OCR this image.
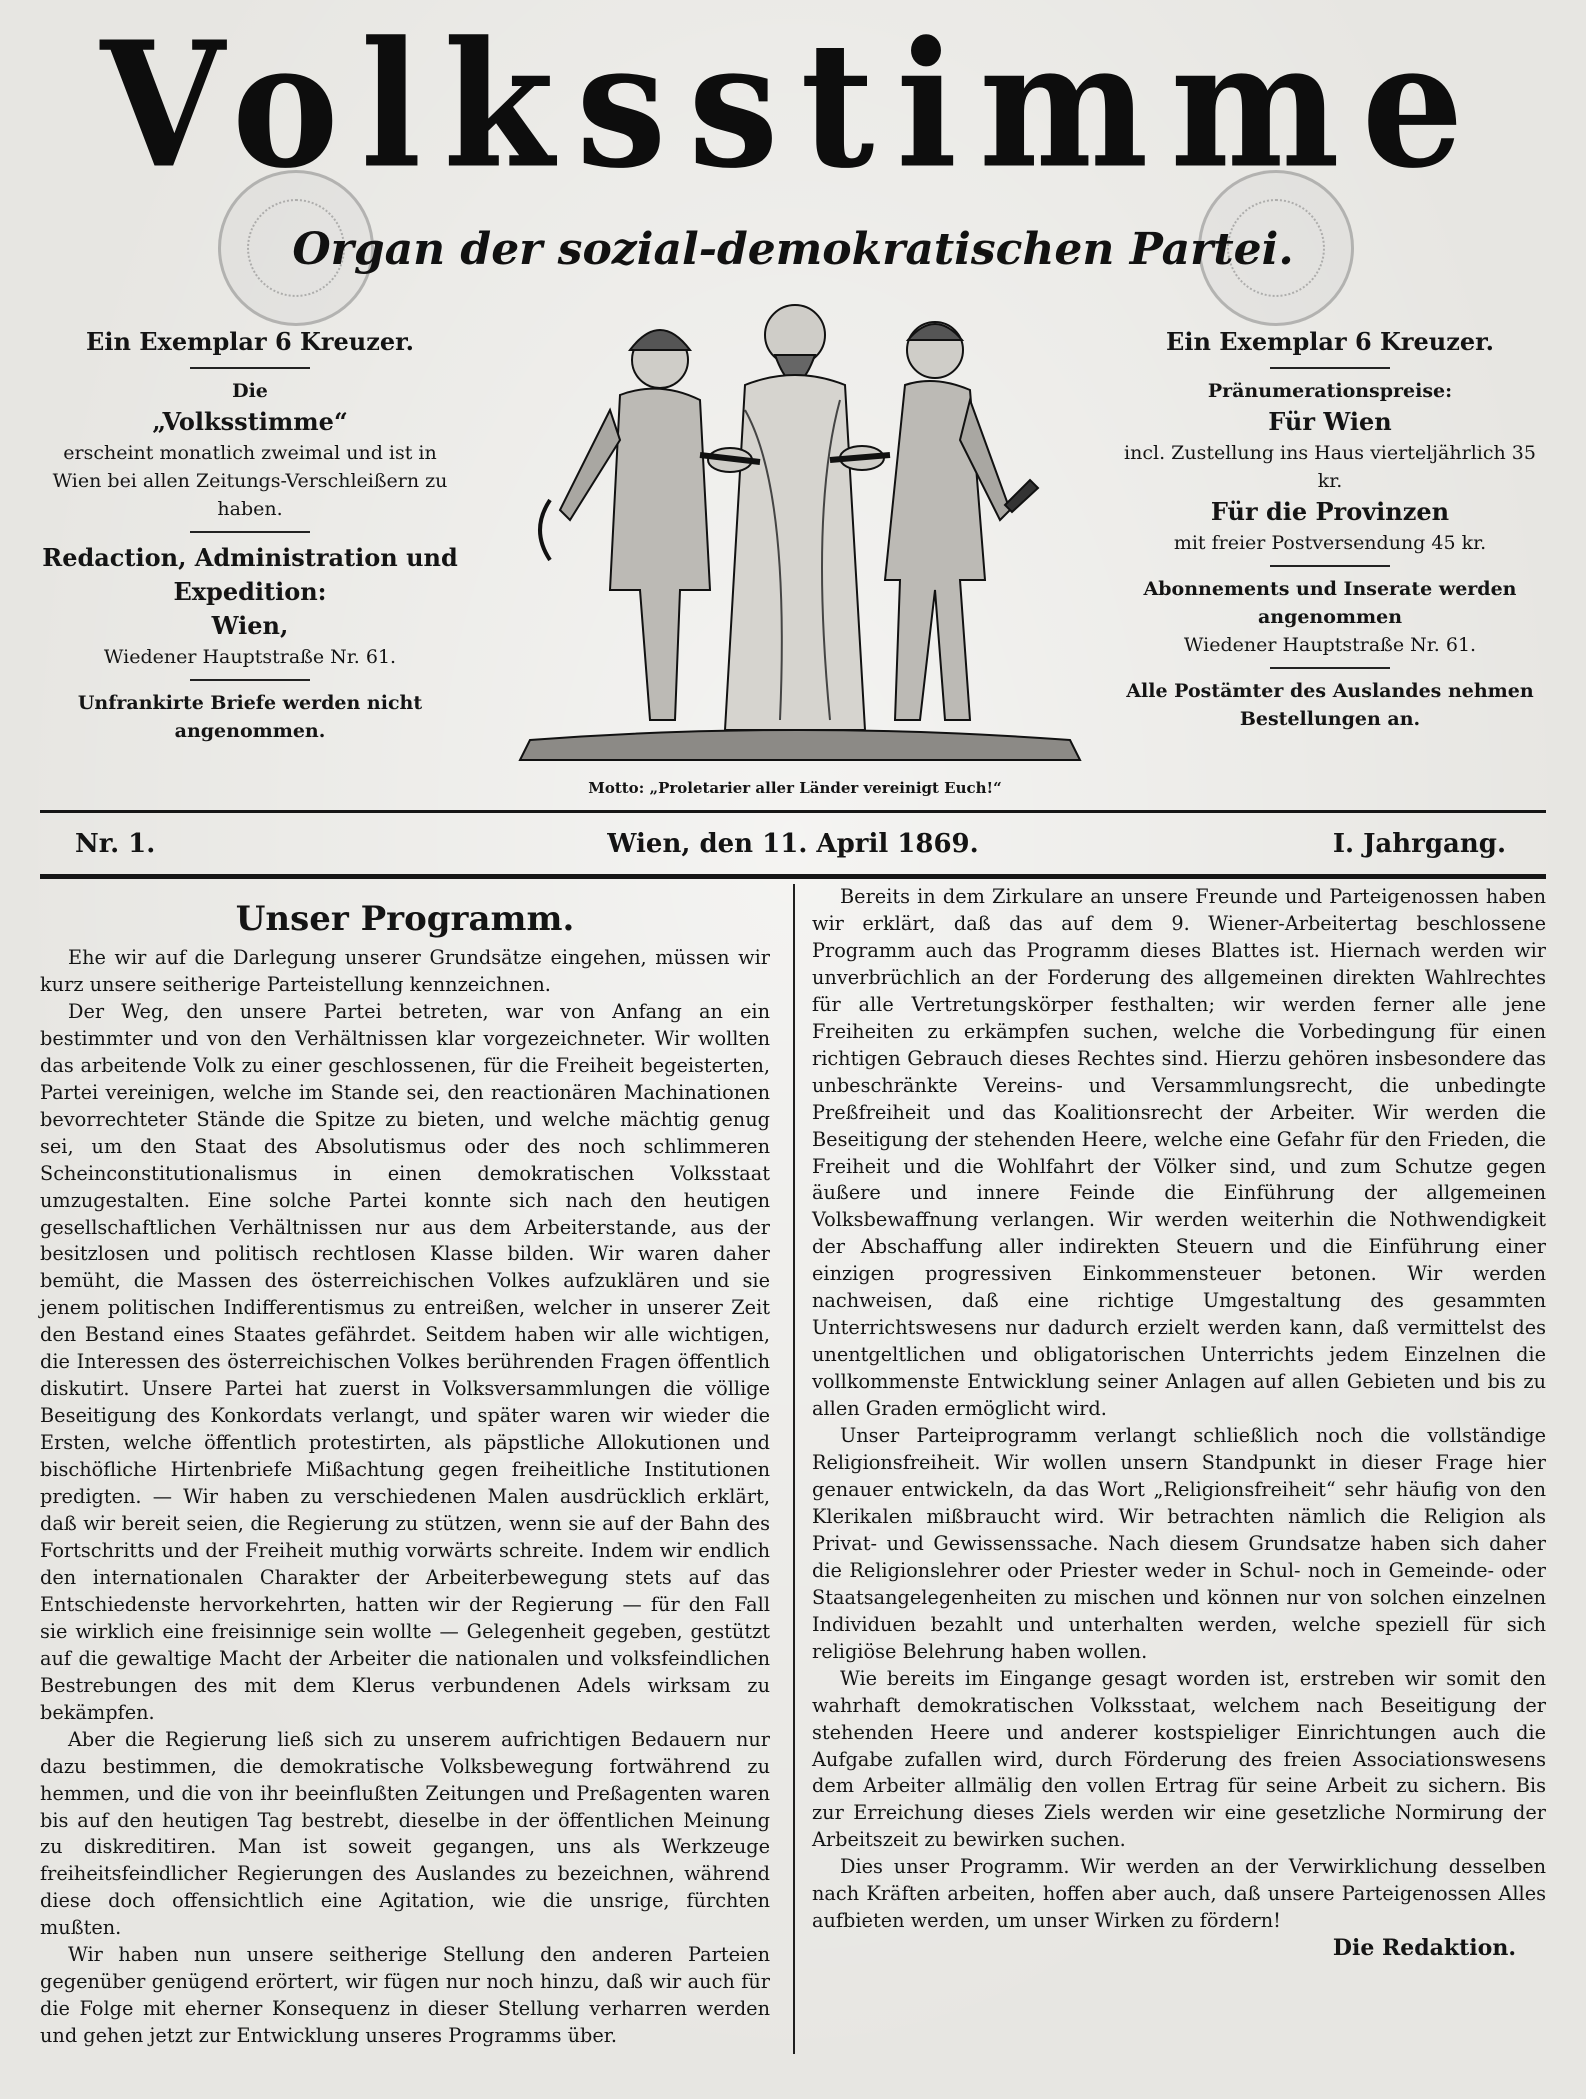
Volksstimme
Organ der sozial-demokratischen Partei.

Ein Exemplar 6 Kreuzer.

Die

„Volksstimme“

erscheint monatlich zweimal und ist in Wien bei allen Zeitungs-Verschleißern zu haben.

Redaction, Administration und Expedition:

Wien,

Wiedener Hauptstraße Nr. 61.

Unfrankirte Briefe werden nicht angenommen.

Ein Exemplar 6 Kreuzer.

Pränumerationspreise:

Für Wien

incl. Zustellung ins Haus vierteljährlich 35 kr.

Für die Provinzen

mit freier Postversendung 45 kr.

Abonnements und Inserate werden angenommen

Wiedener Hauptstraße Nr. 61.

Alle Postämter des Auslandes nehmen Bestellungen an.

Motto: „Proletarier aller Länder vereinigt Euch!“
Nr. 1.	Wien, den 11. April 1869.	I. Jahrgang.

Unser Programm.

Ehe wir auf die Darlegung unserer Grundsätze eingehen, müssen wir kurz unsere seitherige Parteistellung kennzeichnen.

Der Weg, den unsere Partei betreten, war von Anfang an ein bestimmter und von den Verhältnissen klar vorgezeichneter. Wir wollten das arbeitende Volk zu einer geschlossenen, für die Freiheit begeisterten, Partei vereinigen, welche im Stande sei, den reactionären Machinationen bevorrechteter Stände die Spitze zu bieten, und welche mächtig genug sei, um den Staat des Absolutismus oder des noch schlimmeren Scheinconstitutionalismus in einen demokratischen Volksstaat umzugestalten. Eine solche Partei konnte sich nach den heutigen gesellschaftlichen Verhältnissen nur aus dem Arbeiterstande, aus der besitzlosen und politisch rechtlosen Klasse bilden. Wir waren daher bemüht, die Massen des österreichischen Volkes aufzuklären und sie jenem politischen Indifferentismus zu entreißen, welcher in unserer Zeit den Bestand eines Staates gefährdet. Seitdem haben wir alle wichtigen, die Interessen des österreichischen Volkes berührenden Fragen öffentlich diskutirt. Unsere Partei hat zuerst in Volksversammlungen die völlige Beseitigung des Konkordats verlangt, und später waren wir wieder die Ersten, welche öffentlich protestirten, als päpstliche Allokutionen und bischöfliche Hirtenbriefe Mißachtung gegen freiheitliche Institutionen predigten. — Wir haben zu verschiedenen Malen ausdrücklich erklärt, daß wir bereit seien, die Regierung zu stützen, wenn sie auf der Bahn des Fortschritts und der Freiheit muthig vorwärts schreite. Indem wir endlich den internationalen Charakter der Arbeiterbewegung stets auf das Entschiedenste hervorkehrten, hatten wir der Regierung — für den Fall sie wirklich eine freisinnige sein wollte — Gelegenheit gegeben, gestützt auf die gewaltige Macht der Arbeiter die nationalen und volksfeindlichen Bestrebungen des mit dem Klerus verbundenen Adels wirksam zu bekämpfen.

Aber die Regierung ließ sich zu unserem aufrichtigen Bedauern nur dazu bestimmen, die demokratische Volksbewegung fortwährend zu hemmen, und die von ihr beeinflußten Zeitungen und Preßagenten waren bis auf den heutigen Tag bestrebt, dieselbe in der öffentlichen Meinung zu diskreditiren. Man ist soweit gegangen, uns als Werkzeuge freiheitsfeindlicher Regierungen des Auslandes zu bezeichnen, während diese doch offensichtlich eine Agitation, wie die unsrige, fürchten mußten.

Wir haben nun unsere seitherige Stellung den anderen Parteien gegenüber genügend erörtert, wir fügen nur noch hinzu, daß wir auch für die Folge mit eherner Konsequenz in dieser Stellung verharren werden und gehen jetzt zur Entwicklung unseres Programms über.

Bereits in dem Zirkulare an unsere Freunde und Parteigenossen haben wir erklärt, daß das auf dem 9. Wiener-Arbeitertag beschlossene Programm auch das Programm dieses Blattes ist. Hiernach werden wir unverbrüchlich an der Forderung des allgemeinen direkten Wahlrechtes für alle Vertretungskörper festhalten; wir werden ferner alle jene Freiheiten zu erkämpfen suchen, welche die Vorbedingung für einen richtigen Gebrauch dieses Rechtes sind. Hierzu gehören insbesondere das unbeschränkte Vereins- und Versammlungsrecht, die unbedingte Preßfreiheit und das Koalitionsrecht der Arbeiter. Wir werden die Beseitigung der stehenden Heere, welche eine Gefahr für den Frieden, die Freiheit und die Wohlfahrt der Völker sind, und zum Schutze gegen äußere und innere Feinde die Einführung der allgemeinen Volksbewaffnung verlangen. Wir werden weiterhin die Nothwendigkeit der Abschaffung aller indirekten Steuern und die Einführung einer einzigen progressiven Einkommensteuer betonen. Wir werden nachweisen, daß eine richtige Umgestaltung des gesammten Unterrichtswesens nur dadurch erzielt werden kann, daß vermittelst des unentgeltlichen und obligatorischen Unterrichts jedem Einzelnen die vollkommenste Entwicklung seiner Anlagen auf allen Gebieten und bis zu allen Graden ermöglicht wird.

Unser Parteiprogramm verlangt schließlich noch die vollständige Religionsfreiheit. Wir wollen unsern Standpunkt in dieser Frage hier genauer entwickeln, da das Wort „Religionsfreiheit“ sehr häufig von den Klerikalen mißbraucht wird. Wir betrachten nämlich die Religion als Privat- und Gewissenssache. Nach diesem Grundsatze haben sich daher die Religionslehrer oder Priester weder in Schul- noch in Gemeinde- oder Staatsangelegenheiten zu mischen und können nur von solchen einzelnen Individuen bezahlt und unterhalten werden, welche speziell für sich religiöse Belehrung haben wollen.

Wie bereits im Eingange gesagt worden ist, erstreben wir somit den wahrhaft demokratischen Volksstaat, welchem nach Beseitigung der stehenden Heere und anderer kostspieliger Einrichtungen auch die Aufgabe zufallen wird, durch Förderung des freien Associationswesens dem Arbeiter allmälig den vollen Ertrag für seine Arbeit zu sichern. Bis zur Erreichung dieses Ziels werden wir eine gesetzliche Normirung der Arbeitszeit zu bewirken suchen.

Dies unser Programm. Wir werden an der Verwirklichung desselben nach Kräften arbeiten, hoffen aber auch, daß unsere Parteigenossen Alles aufbieten werden, um unser Wirken zu fördern!

Die Redaktion.
